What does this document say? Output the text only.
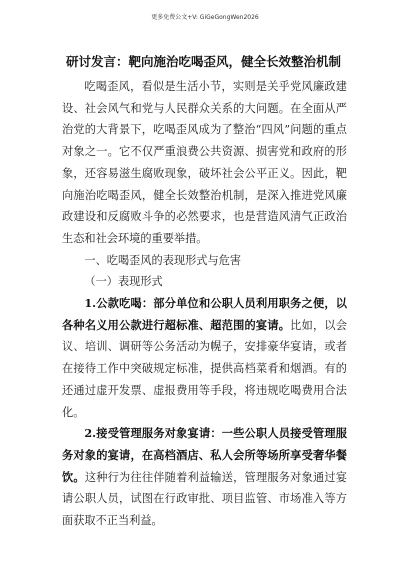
更多免费公文+V: GiGeGongWen2026
研讨发言：靶向施治吃喝歪风，健全长效整治机制

吃喝歪风，看似是生活小节，实则是关乎党风廉政建设、社会风气和党与人民群众关系的大问题。在全面从严治党的大背景下，吃喝歪风成为了整治“四风”问题的重点对象之一。它不仅严重浪费公共资源、损害党和政府的形象，还容易滋生腐败现象，破坏社会公平正义。因此，靶向施治吃喝歪风，健全长效整治机制，是深入推进党风廉政建设和反腐败斗争的必然要求，也是营造风清气正政治生态和社会环境的重要举措。

一、吃喝歪风的表现形式与危害

（一）表现形式

1.公款吃喝：部分单位和公职人员利用职务之便，以各种名义用公款进行超标准、超范围的宴请。比如，以会议、培训、调研等公务活动为幌子，安排豪华宴请，或者在接待工作中突破规定标准，提供高档菜肴和烟酒。有的还通过虚开发票、虚报费用等手段，将违规吃喝费用合法化。

2.接受管理服务对象宴请：一些公职人员接受管理服务对象的宴请，在高档酒店、私人会所等场所享受奢华餐饮。这种行为往往伴随着利益输送，管理服务对象通过宴请公职人员，试图在行政审批、项目监管、市场准入等方面获取不正当利益。
